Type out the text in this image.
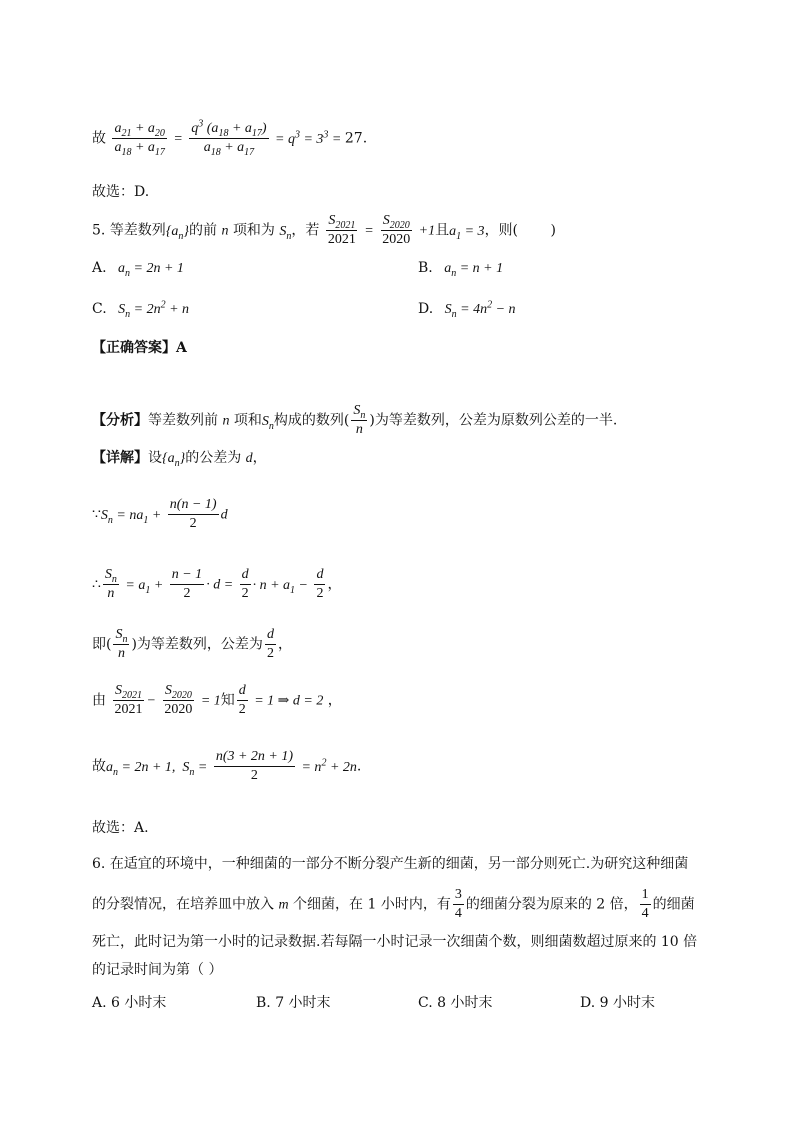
故 $\frac{a_{21} + a_{20}}{a_{18} + a_{17}} = \frac{q^3 (a_{18} + a_{17})}{a_{18} + a_{17}} = q^3 = 3^3 = 27$.
故选：D.
5. 等差数列$\{a_n\}$的前 n 项和为 $S_n$，若 $\frac{S_{2021}}{2021} = \frac{S_{2020}}{2020} +1$且$a_1 = 3$，则( )
A.   $a_n = 2n + 1$	B.   $a_n = n + 1$
C.   $S_n = 2n^2 + n$	D.   $S_n = 4n^2 - n$
【正确答案】A
【分析】等差数列前 n 项和$S_n$构成的数列( $\frac{S_n}{n}$ )为等差数列，公差为原数列公差的一半.
【详解】设$\{a_n\}$的公差为 d，
$\because S_n = na_1 + \frac{n(n - 1)}{2}$ d
∴ $\frac{S_n}{n} = a_1 + \frac{n - 1}{2} \cdot d = \frac{d}{2} \cdot n + a_1 - \frac{d}{2}$ ，
即( $\frac{S_n}{n}$ )为等差数列，公差为 $\frac{d}{2}$ ，
由 $\frac{S_{2021}}{2021} - \frac{S_{2020}}{2020} = 1$知 $\frac{d}{2} = 1$ ⇒ d = 2 ，
故$a_n = 2n + 1$,  $S_n = \frac{n(3 + 2n + 1)}{2} = n^2 + 2n$.
故选：A.
6. 在适宜的环境中，一种细菌的一部分不断分裂产生新的细菌，另一部分则死亡.为研究这种细菌
的分裂情况，在培养皿中放入 m 个细菌，在 1 小时内，有 $\frac{3}{4}$ 的细菌分裂为原来的 2 倍， $\frac{1}{4}$ 的细菌
死亡，此时记为第一小时的记录数据.若每隔一小时记录一次细菌个数，则细菌数超过原来的 10 倍
的记录时间为第（ ）
A. 6 小时末	B. 7 小时末	C. 8 小时末	D. 9 小时末
